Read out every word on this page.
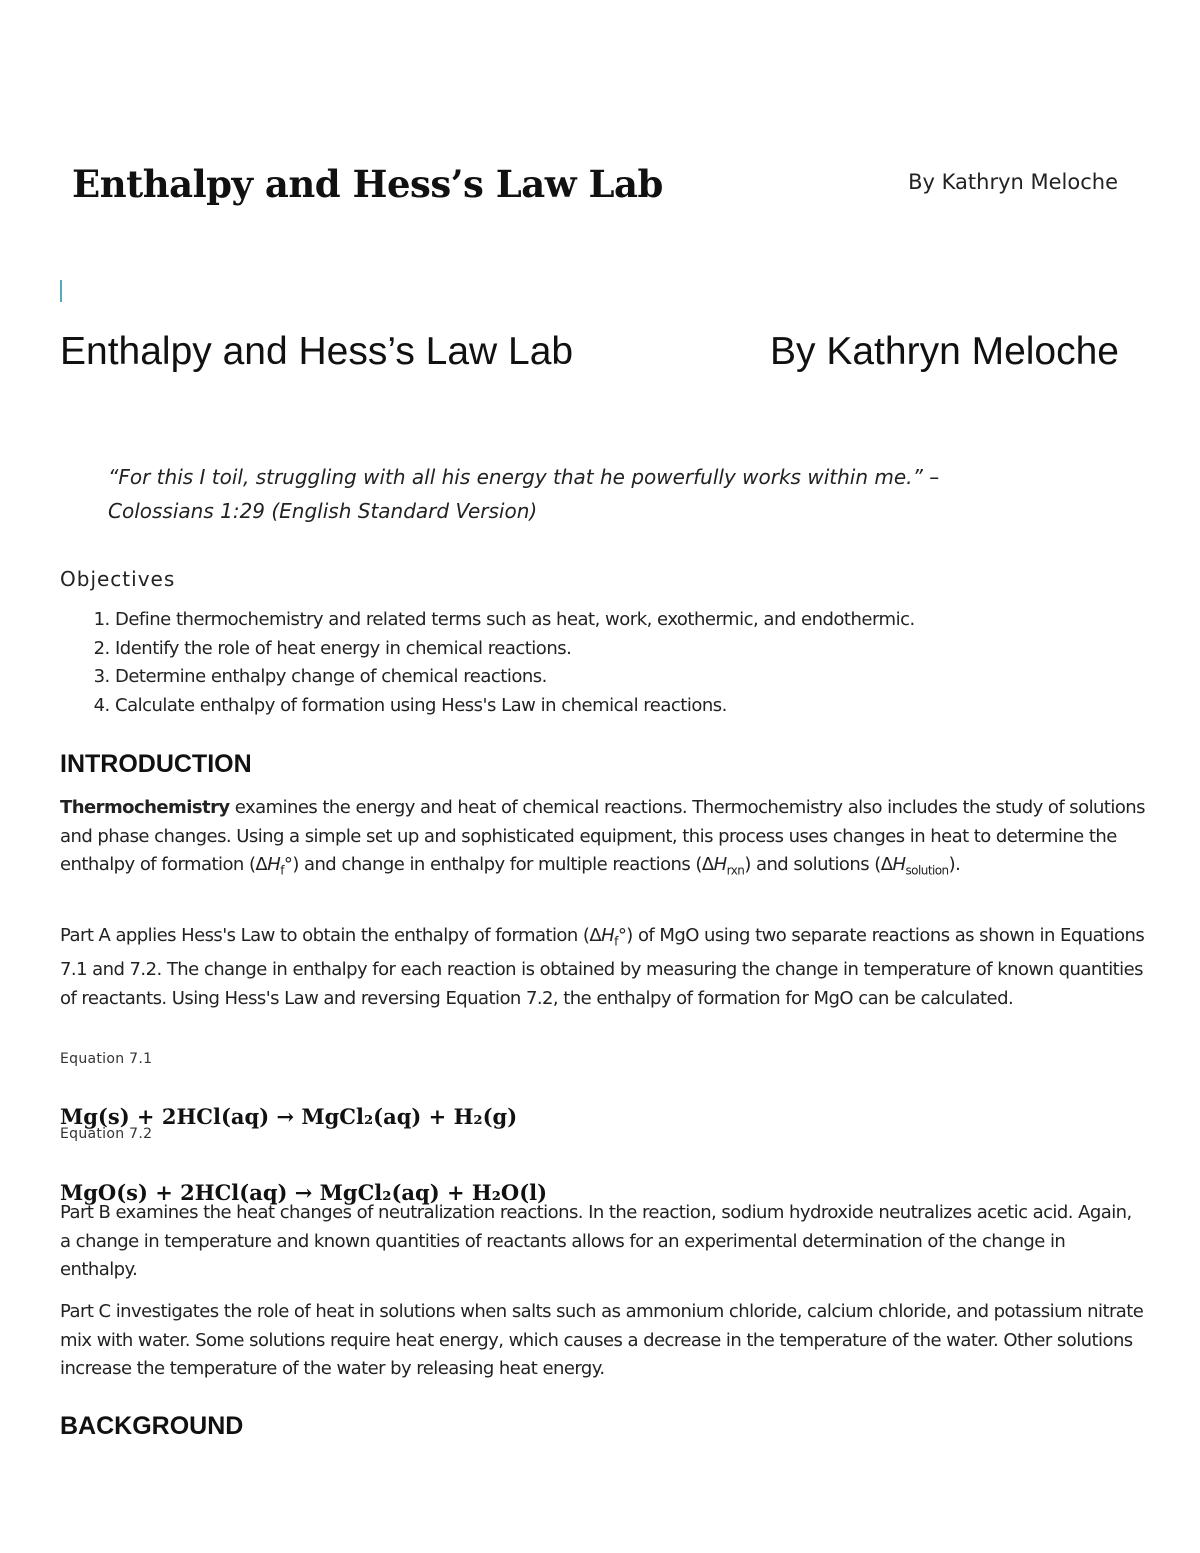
Enthalpy and Hess’s Law Lab	By Kathryn Meloche
Enthalpy and Hess’s Law Lab	By Kathryn Meloche
“For this I toil, struggling with all his energy that he powerfully works within me.” –
Colossians 1:29 (English Standard Version)
Objectives
1. Define thermochemistry and related terms such as heat, work, exothermic, and endothermic.
2. Identify the role of heat energy in chemical reactions.
3. Determine enthalpy change of chemical reactions.
4. Calculate enthalpy of formation using Hess's Law in chemical reactions.
INTRODUCTION
Thermochemistry examines the energy and heat of chemical reactions. Thermochemistry also includes the study of solutions and phase changes. Using a simple set up and sophisticated equipment, this process uses changes in heat to determine the enthalpy of formation $(\Delta H_f^\circ)$ and change in enthalpy for multiple reactions $(\Delta H_{rxn})$ and solutions $(\Delta H_{solution})$.
Part A applies Hess's Law to obtain the enthalpy of formation $(\Delta H_f^\circ)$ of MgO using two separate reactions as shown in Equations 7.1 and 7.2. The change in enthalpy for each reaction is obtained by measuring the change in temperature of known quantities of reactants. Using Hess's Law and reversing Equation 7.2, the enthalpy of formation for MgO can be calculated.
Equation 7.1
Mg(s) + 2HCl(aq) → MgCl₂(aq) + H₂(g)
Equation 7.2
MgO(s) + 2HCl(aq) → MgCl₂(aq) + H₂O(l)
Part B examines the heat changes of neutralization reactions. In the reaction, sodium hydroxide neutralizes acetic acid. Again, a change in temperature and known quantities of reactants allows for an experimental determination of the change in enthalpy.
Part C investigates the role of heat in solutions when salts such as ammonium chloride, calcium chloride, and potassium nitrate mix with water. Some solutions require heat energy, which causes a decrease in the temperature of the water. Other solutions increase the temperature of the water by releasing heat energy.
BACKGROUND
